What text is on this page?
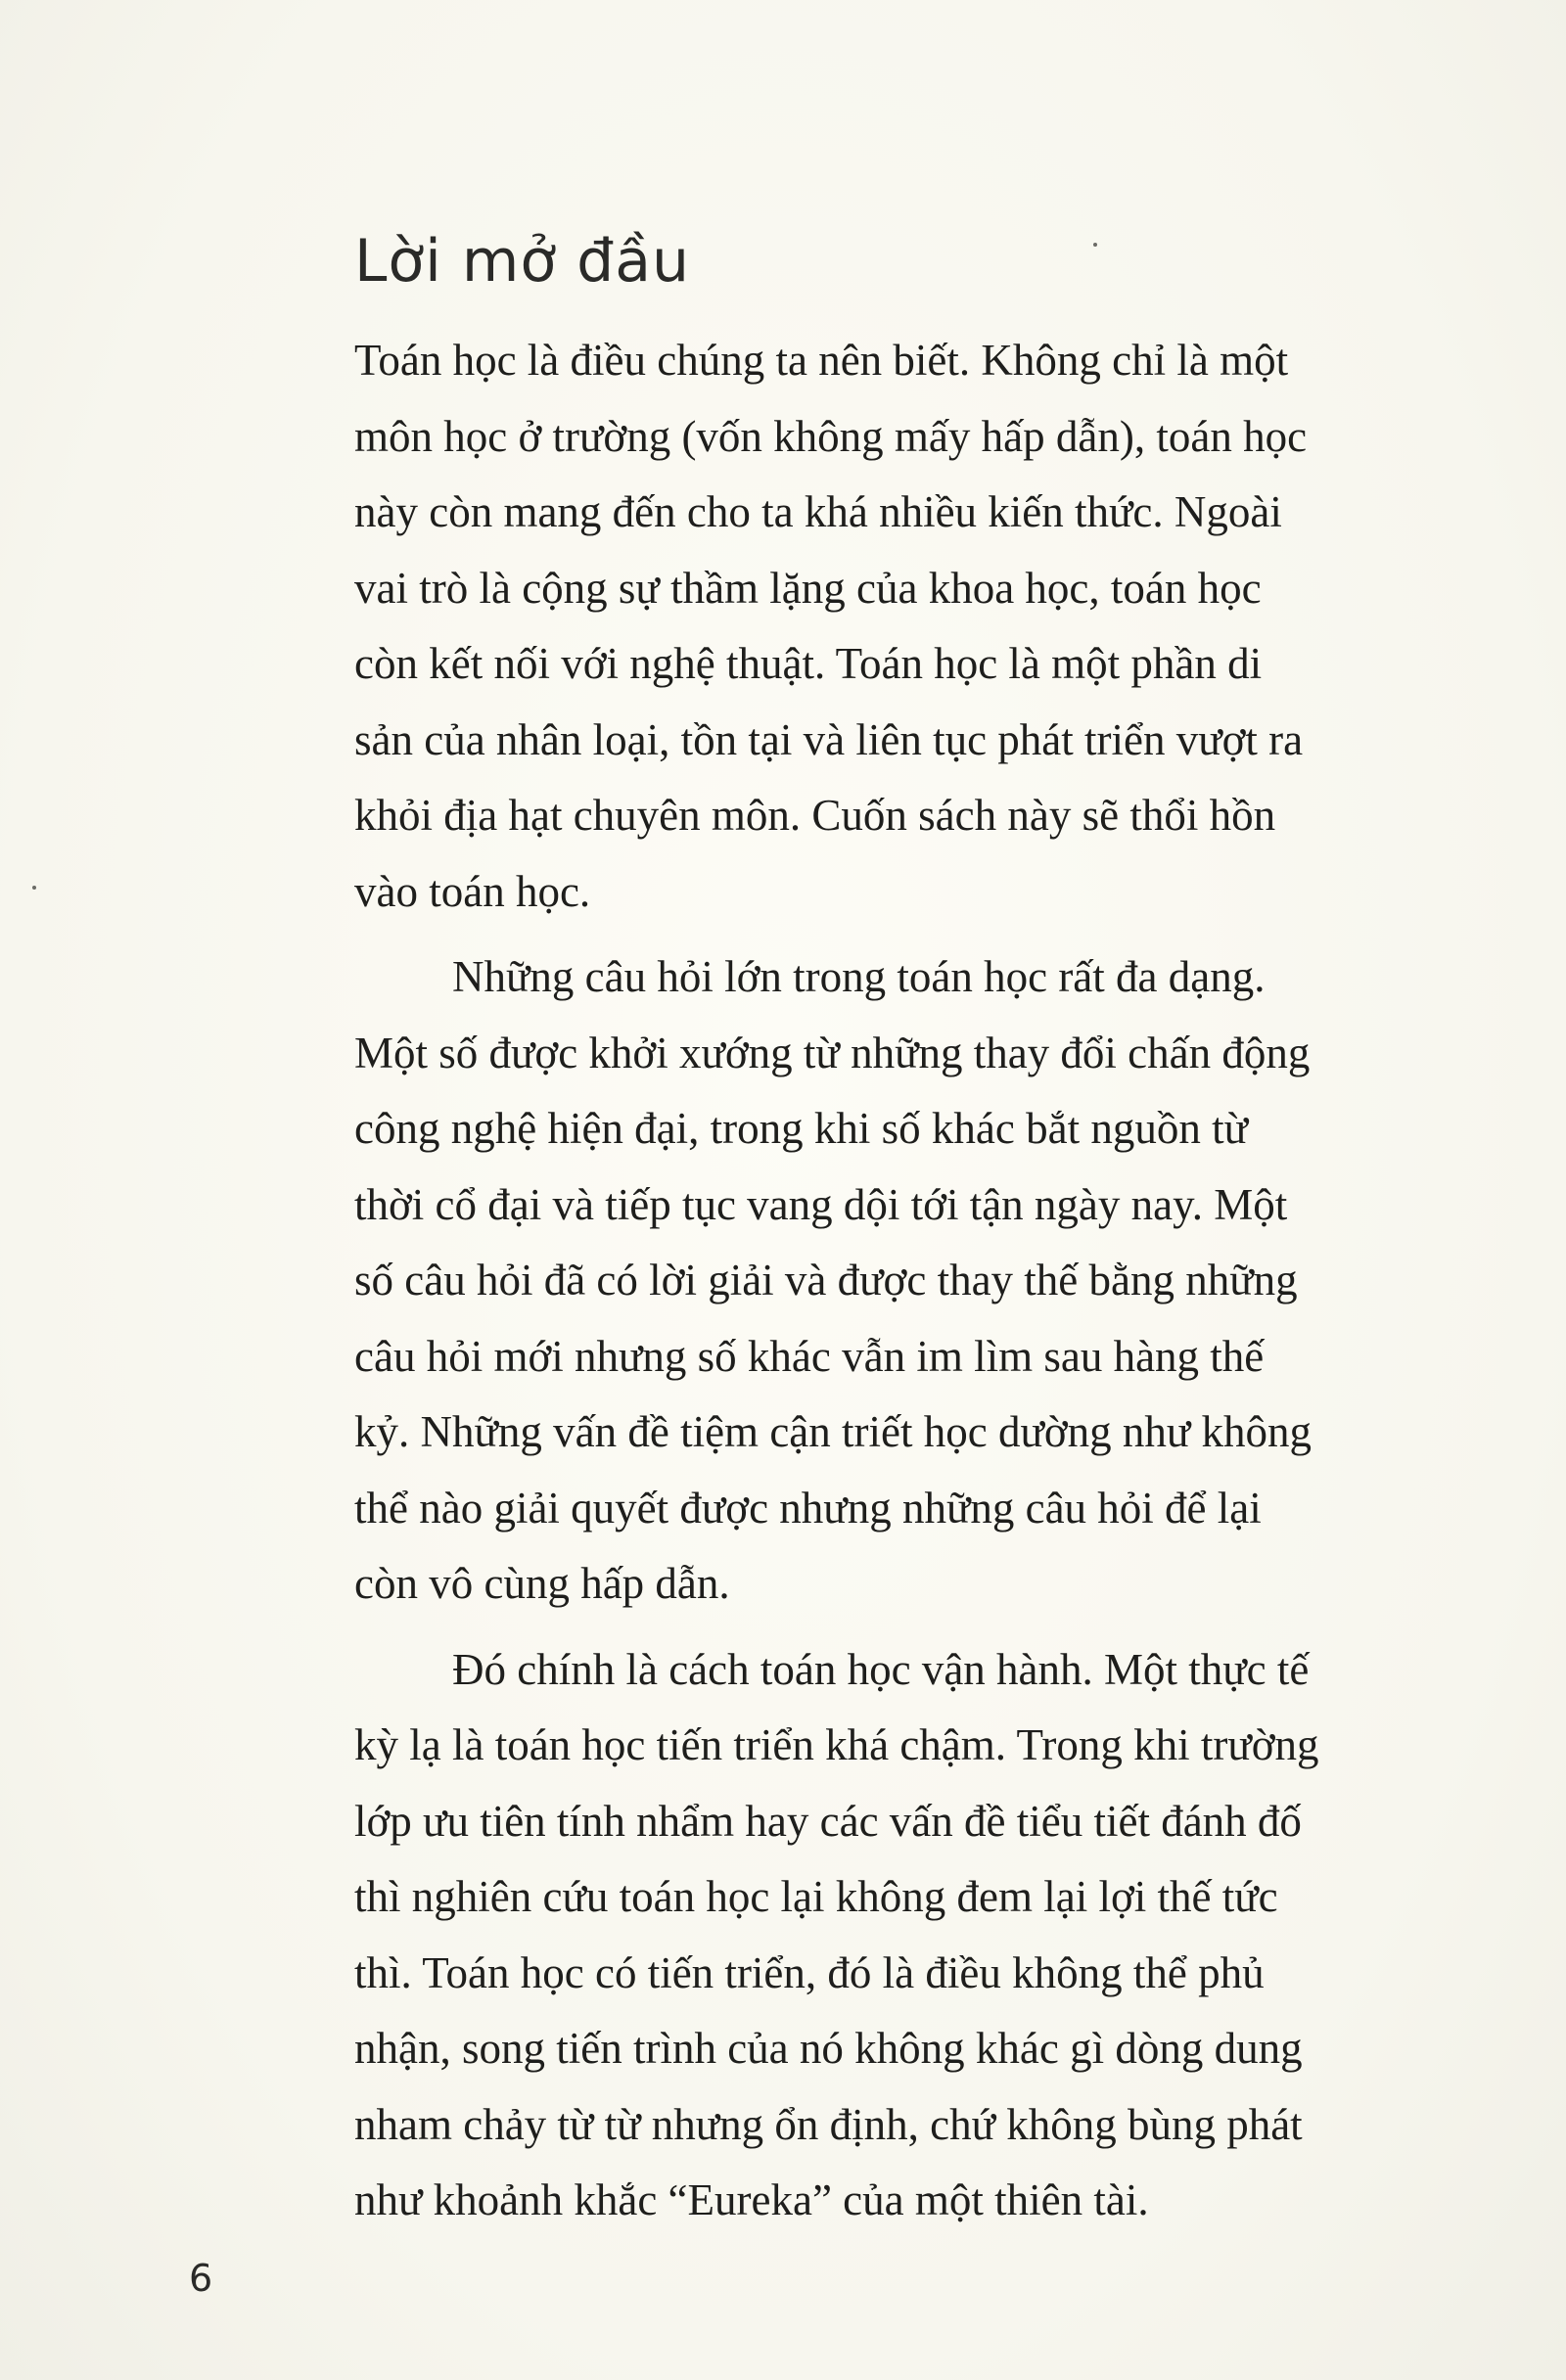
Lời mở đầu

Toán học là điều chúng ta nên biết. Không chỉ là một
môn học ở trường (vốn không mấy hấp dẫn), toán học
này còn mang đến cho ta khá nhiều kiến thức. Ngoài
vai trò là cộng sự thầm lặng của khoa học, toán học
còn kết nối với nghệ thuật. Toán học là một phần di
sản của nhân loại, tồn tại và liên tục phát triển vượt ra
khỏi địa hạt chuyên môn. Cuốn sách này sẽ thổi hồn
vào toán học.

Những câu hỏi lớn trong toán học rất đa dạng.
Một số được khởi xướng từ những thay đổi chấn động
công nghệ hiện đại, trong khi số khác bắt nguồn từ
thời cổ đại và tiếp tục vang dội tới tận ngày nay. Một
số câu hỏi đã có lời giải và được thay thế bằng những
câu hỏi mới nhưng số khác vẫn im lìm sau hàng thế
kỷ. Những vấn đề tiệm cận triết học dường như không
thể nào giải quyết được nhưng những câu hỏi để lại
còn vô cùng hấp dẫn.

Đó chính là cách toán học vận hành. Một thực tế
kỳ lạ là toán học tiến triển khá chậm. Trong khi trường
lớp ưu tiên tính nhẩm hay các vấn đề tiểu tiết đánh đố
thì nghiên cứu toán học lại không đem lại lợi thế tức
thì. Toán học có tiến triển, đó là điều không thể phủ
nhận, song tiến trình của nó không khác gì dòng dung
nham chảy từ từ nhưng ổn định, chứ không bùng phát
như khoảnh khắc “Eureka” của một thiên tài.

6
